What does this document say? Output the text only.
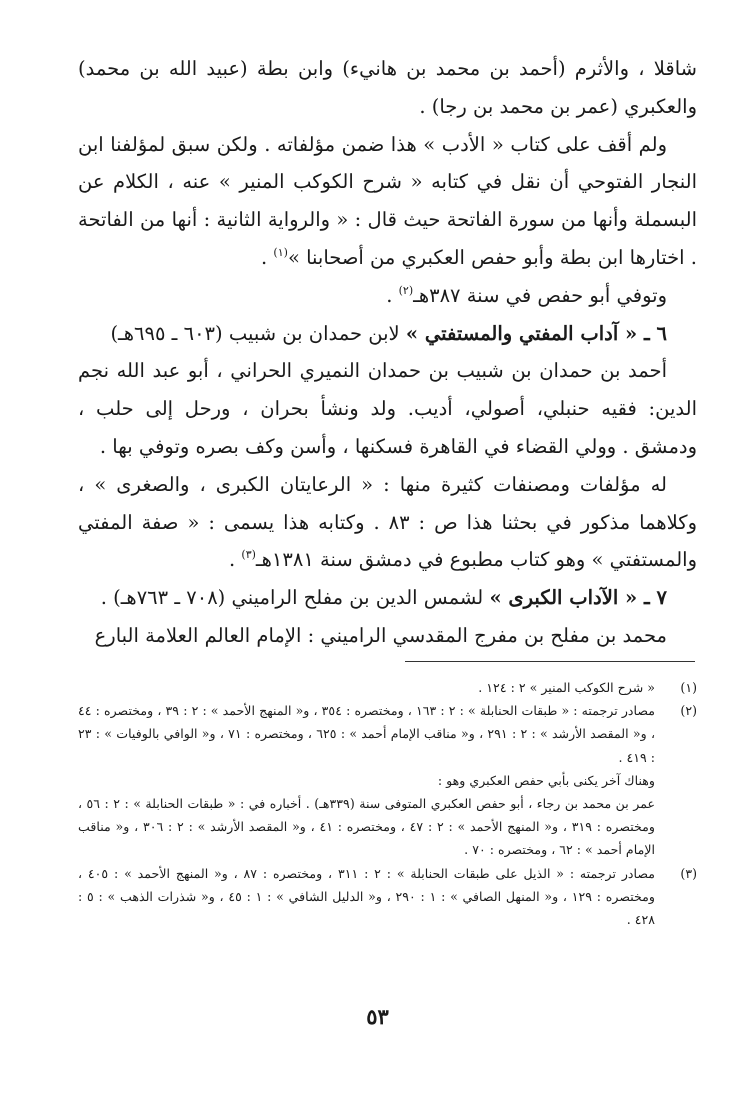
شاقلا ، والأثرم (أحمد بن محمد بن هانيء) وابن بطة (عبيد الله بن محمد) والعكبري (عمر بن محمد بن رجا) .

ولم أقف على كتاب « الأدب » هذا ضمن مؤلفاته . ولكن سبق لمؤلفنا ابن النجار الفتوحي أن نقل في كتابه « شرح الكوكب المنير » عنه ، الكلام عن البسملة وأنها من سورة الفاتحة حيث قال : « والرواية الثانية : أنها من الفاتحة . اختارها ابن بطة وأبو حفص العكبري من أصحابنا »$^{(١)}$ .

وتوفي أبو حفص في سنة ٣٨٧هـ$^{(٢)}$ .

٦ ـ « آداب المفتي والمستفتي » لابن حمدان بن شبيب (٦٠٣ ـ ٦٩٥هـ)

أحمد بن حمدان بن شبيب بن حمدان النميري الحراني ، أبو عبد الله نجم الدين: فقيه حنبلي، أصولي، أديب. ولد ونشأ بحران ، ورحل إلى حلب ، ودمشق . وولي القضاء في القاهرة فسكنها ، وأسن وكف بصره وتوفي بها .

له مؤلفات ومصنفات كثيرة منها : « الرعايتان الكبرى ، والصغرى » ، وكلاهما مذكور في بحثنا هذا ص : ٨٣ . وكتابه هذا يسمى : « صفة المفتي والمستفتي » وهو كتاب مطبوع في دمشق سنة ١٣٨١هـ$^{(٣)}$ .

٧ ـ « الآداب الكبرى » لشمس الدين بن مفلح الراميني (٧٠٨ ـ ٧٦٣هـ) .

محمد بن مفلح بن مفرج المقدسي الراميني : الإمام العالم العلامة البارع

(١)
« شرح الكوكب المنير » ٢ : ١٢٤ .
(٢)
مصادر ترجمته : « طبقات الحنابلة » : ٢ : ١٦٣ ، ومختصره : ٣٥٤ ، و« المنهج الأحمد » : ٢ : ٣٩ ، ومختصره : ٤٤ ، و« المقصد الأرشد » : ٢ : ٢٩١ ، و« مناقب الإمام أحمد » : ٦٢٥ ، ومختصره : ٧١ ، و« الوافي بالوفيات » : ٢٣ : ٤١٩ .
وهناك آخر يكنى بأبي حفص العكبري وهو :
عمر بن محمد بن رجاء ، أبو حفص العكبري المتوفى سنة (٣٣٩هـ) . أخباره في : « طبقات الحنابلة » : ٢ : ٥٦ ، ومختصره : ٣١٩ ، و« المنهج الأحمد » : ٢ : ٤٧ ، ومختصره : ٤١ ، و« المقصد الأرشد » : ٢ : ٣٠٦ ، و« مناقب الإمام أحمد » : ٦٢ ، ومختصره : ٧٠ .
(٣)
مصادر ترجمته : « الذيل على طبقات الحنابلة » : ٢ : ٣١١ ، ومختصره : ٨٧ ، و« المنهج الأحمد » : ٤٠٥ ، ومختصره : ١٢٩ ، و« المنهل الصافي » : ١ : ٢٩٠ ، و« الدليل الشافي » : ١ : ٤٥ ، و« شذرات الذهب » : ٥ : ٤٢٨ .
٥٣
